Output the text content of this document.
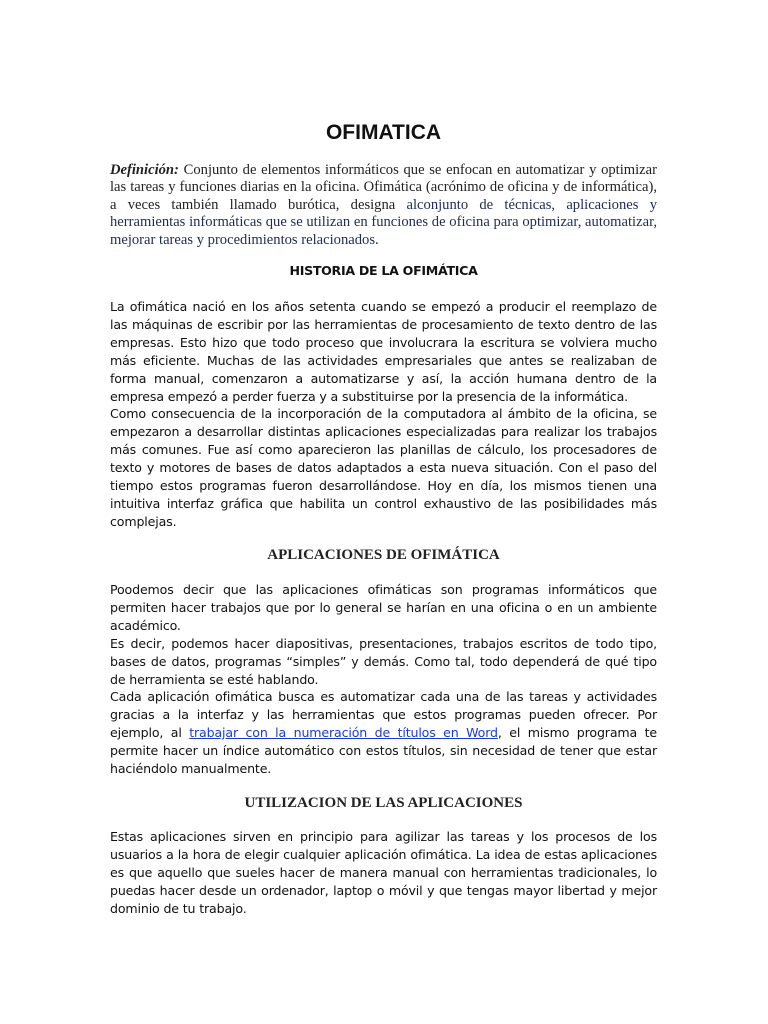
OFIMATICA
Definición: Conjunto de elementos informáticos que se enfocan en automatizar y optimizar las tareas y funciones diarias en la oficina. Ofimática (acrónimo de oficina y de informática), a veces también llamado burótica, designa alconjunto de técnicas, aplicaciones y herramientas informáticas que se utilizan en funciones de oficina para optimizar, automatizar, mejorar tareas y procedimientos relacionados.
HISTORIA DE LA OFIMÁTICA

La ofimática nació en los años setenta cuando se empezó a producir el reemplazo de las máquinas de escribir por las herramientas de procesamiento de texto dentro de las empresas. Esto hizo que todo proceso que involucrara la escritura se volviera mucho más eficiente. Muchas de las actividades empresariales que antes se realizaban de forma manual, comenzaron a automatizarse y así, la acción humana dentro de la empresa empezó a perder fuerza y a substituirse por la presencia de la informática.

Como consecuencia de la incorporación de la computadora al ámbito de la oficina, se empezaron a desarrollar distintas aplicaciones especializadas para realizar los trabajos más comunes. Fue así como aparecieron las planillas de cálculo, los procesadores de texto y motores de bases de datos adaptados a esta nueva situación. Con el paso del tiempo estos programas fueron desarrollándose. Hoy en día, los mismos tienen una intuitiva interfaz gráfica que habilita un control exhaustivo de las posibilidades más complejas.

APLICACIONES DE OFIMÁTICA

Poodemos decir que las aplicaciones ofimáticas son programas informáticos que permiten hacer trabajos que por lo general se harían en una oficina o en un ambiente académico.

Es decir, podemos hacer diapositivas, presentaciones, trabajos escritos de todo tipo, bases de datos, programas “simples” y demás. Como tal, todo dependerá de qué tipo de herramienta se esté hablando.

Cada aplicación ofimática busca es automatizar cada una de las tareas y actividades gracias a la interfaz y las herramientas que estos programas pueden ofrecer. Por ejemplo, al trabajar con la numeración de títulos en Word, el mismo programa te permite hacer un índice automático con estos títulos, sin necesidad de tener que estar haciéndolo manualmente.

UTILIZACION DE LAS APLICACIONES

Estas aplicaciones sirven en principio para agilizar las tareas y los procesos de los usuarios a la hora de elegir cualquier aplicación ofimática. La idea de estas aplicaciones es que aquello que sueles hacer de manera manual con herramientas tradicionales, lo puedas hacer desde un ordenador, laptop o móvil y que tengas mayor libertad y mejor dominio de tu trabajo.
